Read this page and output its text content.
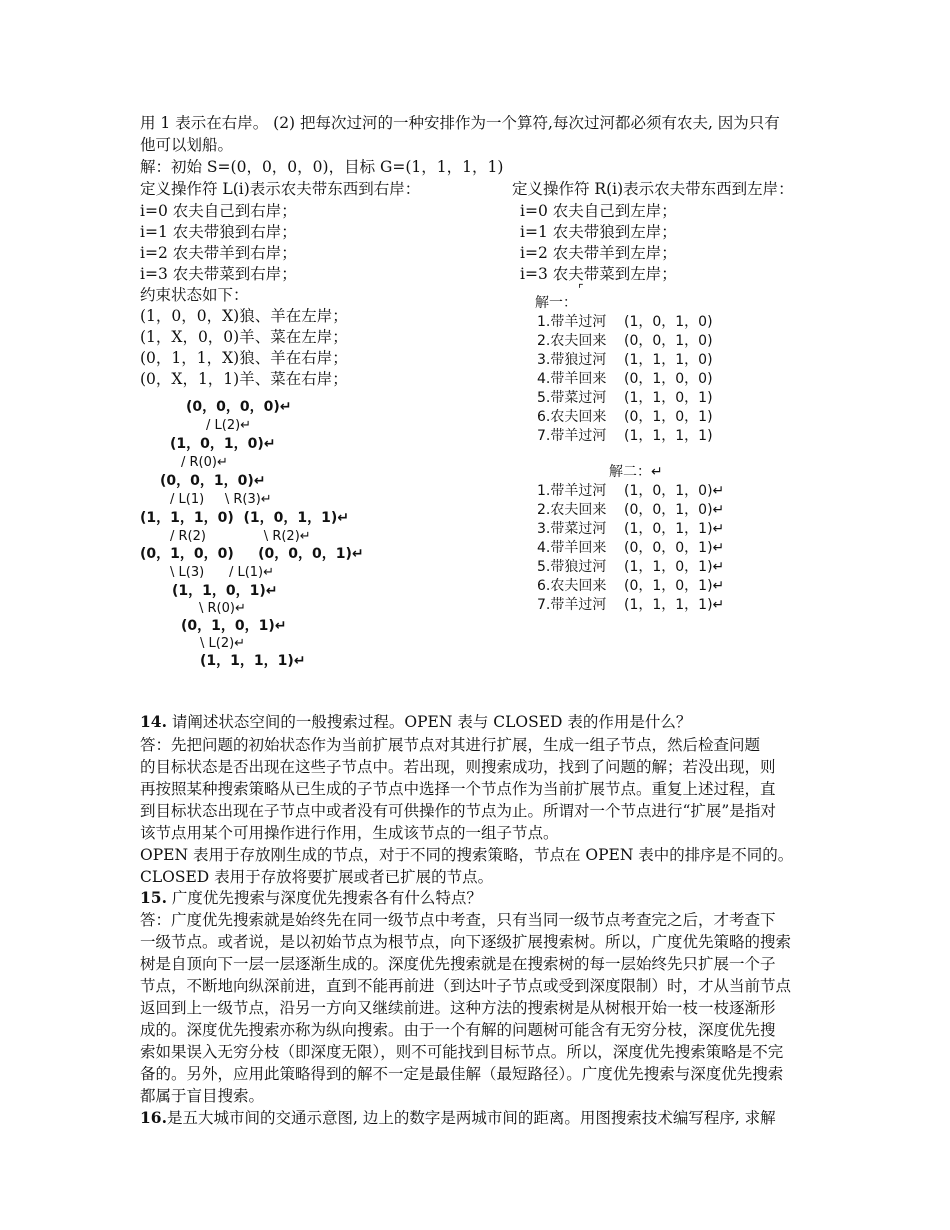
用 1 表示在右岸。 (2) 把每次过河的一种安排作为一个算符,每次过河都必须有农夫, 因为只有
他可以划船。
解：初始 S=(0，0，0，0)，目标 G=(1，1，1，1)
定义操作符 L(i)表示农夫带东西到右岸：
i=0 农夫自己到右岸；
i=1 农夫带狼到右岸；
i=2 农夫带羊到右岸；
i=3 农夫带菜到右岸；
定义操作符 R(i)表示农夫带东西到左岸：
i=0 农夫自己到左岸；
i=1 农夫带狼到左岸；
i=2 农夫带羊到左岸；
i=3 农夫带菜到左岸；
约束状态如下：
(1，0，0，X)狼、羊在左岸；
(1，X，0，0)羊、菜在左岸；
(0，1，1，X)狼、羊在右岸；
(0，X，1，1)羊、菜在右岸；
(0，0，0，0)↵
/ L(2)↵
(1，0，1，0)↵
/ R(0)↵
(0，0，1，0)↵
/ L(1)     \ R(3)↵
(1，1，1，0)  (1，0，1，1)↵
/ R(2)              \ R(2)↵
(0，1，0，0)     (0，0，0，1)↵
\ L(3)      / L(1)↵
(1，1，0，1)↵
\ R(0)↵
(0，1，0，1)↵
\ L(2)↵
(1，1，1，1)↵
⌜
解一：
1.带羊过河 (1，0，1，0)
2.农夫回来 (0，0，1，0)
3.带狼过河 (1，1，1，0)
4.带羊回来 (0，1，0，0)
5.带菜过河 (1，1，0，1)
6.农夫回来 (0，1，0，1)
7.带羊过河 (1，1，1，1)
解二：↵
1.带羊过河 (1，0，1，0)↵
2.农夫回来 (0，0，1，0)↵
3.带菜过河 (1，0，1，1)↵
4.带羊回来 (0，0，0，1)↵
5.带狼过河 (1，1，0，1)↵
6.农夫回来 (0，1，0，1)↵
7.带羊过河 (1，1，1，1)↵
14. 请阐述状态空间的一般搜索过程。OPEN 表与 CLOSED 表的作用是什么？
答：先把问题的初始状态作为当前扩展节点对其进行扩展，生成一组子节点，然后检查问题
的目标状态是否出现在这些子节点中。若出现，则搜索成功，找到了问题的解；若没出现，则
再按照某种搜索策略从已生成的子节点中选择一个节点作为当前扩展节点。重复上述过程，直
到目标状态出现在子节点中或者没有可供操作的节点为止。所谓对一个节点进行“扩展”是指对
该节点用某个可用操作进行作用，生成该节点的一组子节点。
OPEN 表用于存放刚生成的节点，对于不同的搜索策略，节点在 OPEN 表中的排序是不同的。
CLOSED 表用于存放将要扩展或者已扩展的节点。
15. 广度优先搜索与深度优先搜索各有什么特点？
答：广度优先搜索就是始终先在同一级节点中考查，只有当同一级节点考查完之后，才考查下
一级节点。或者说，是以初始节点为根节点，向下逐级扩展搜索树。所以，广度优先策略的搜索
树是自顶向下一层一层逐渐生成的。深度优先搜索就是在搜索树的每一层始终先只扩展一个子
节点，不断地向纵深前进，直到不能再前进（到达叶子节点或受到深度限制）时，才从当前节点
返回到上一级节点，沿另一方向又继续前进。这种方法的搜索树是从树根开始一枝一枝逐渐形
成的。深度优先搜索亦称为纵向搜索。由于一个有解的问题树可能含有无穷分枝，深度优先搜
索如果误入无穷分枝（即深度无限），则不可能找到目标节点。所以，深度优先搜索策略是不完
备的。另外，应用此策略得到的解不一定是最佳解（最短路径）。广度优先搜索与深度优先搜索
都属于盲目搜索。
16.是五大城市间的交通示意图, 边上的数字是两城市间的距离。用图搜索技术编写程序, 求解
